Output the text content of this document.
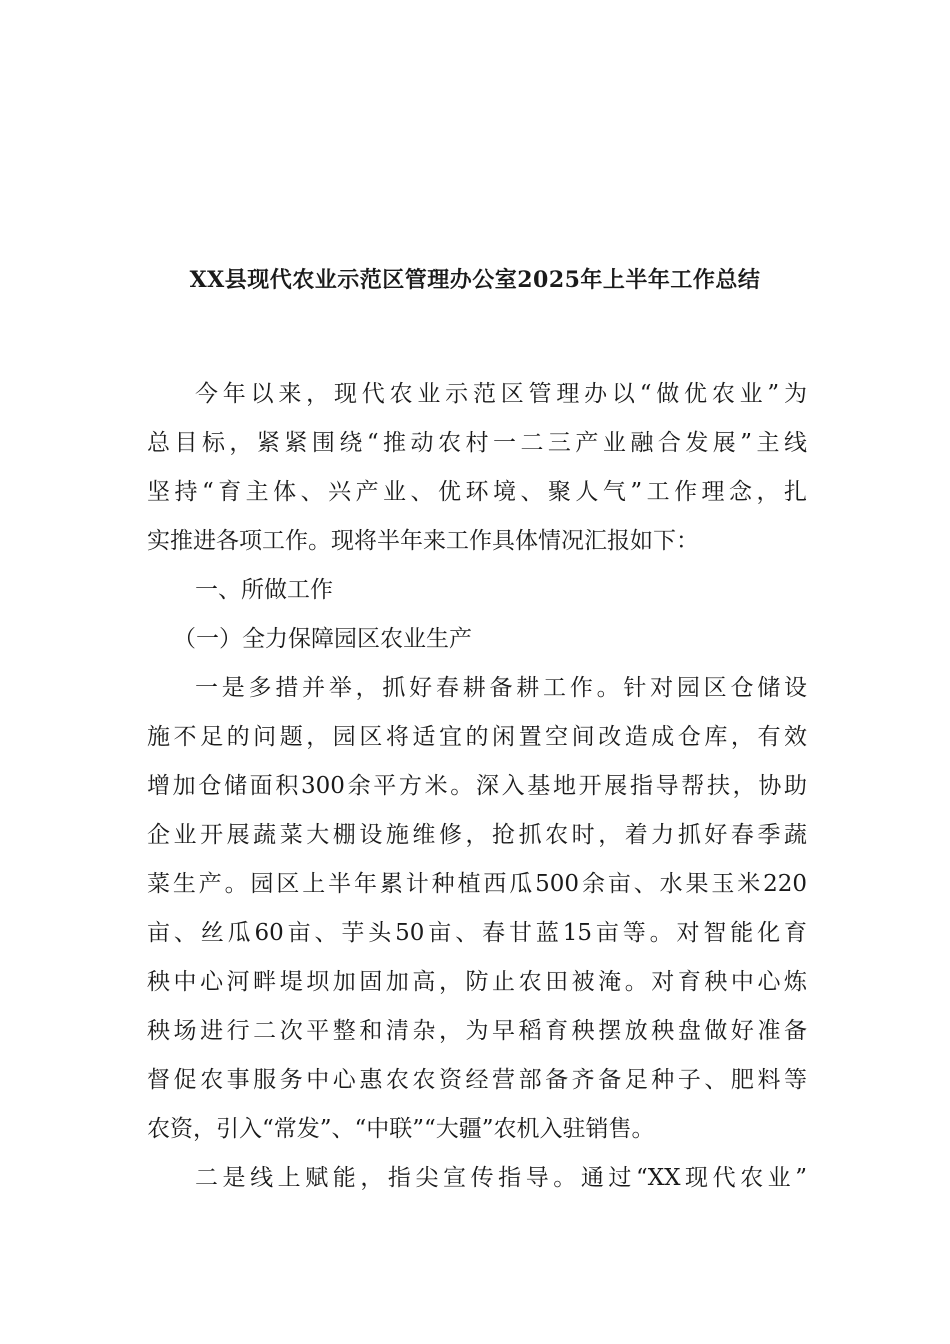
XX县现代农业示范区管理办公室2025年上半年工作总结
今年以来，现代农业示范区管理办以“做优农业”为
总目标，紧紧围绕“推动农村一二三产业融合发展”主线
坚持“育主体、兴产业、优环境、聚人气”工作理念，扎
实推进各项工作。现将半年来工作具体情况汇报如下：
一、所做工作
（一）全力保障园区农业生产
一是多措并举，抓好春耕备耕工作。针对园区仓储设
施不足的问题，园区将适宜的闲置空间改造成仓库，有效
增加仓储面积300余平方米。深入基地开展指导帮扶，协助
企业开展蔬菜大棚设施维修，抢抓农时，着力抓好春季蔬
菜生产。园区上半年累计种植西瓜500余亩、水果玉米220
亩、丝瓜60亩、芋头50亩、春甘蓝15亩等。对智能化育
秧中心河畔堤坝加固加高，防止农田被淹。对育秧中心炼
秧场进行二次平整和清杂，为早稻育秧摆放秧盘做好准备
督促农事服务中心惠农农资经营部备齐备足种子、肥料等
农资，引入“常发”、“中联”“大疆”农机入驻销售。
二是线上赋能，指尖宣传指导。通过“XX现代农业”
